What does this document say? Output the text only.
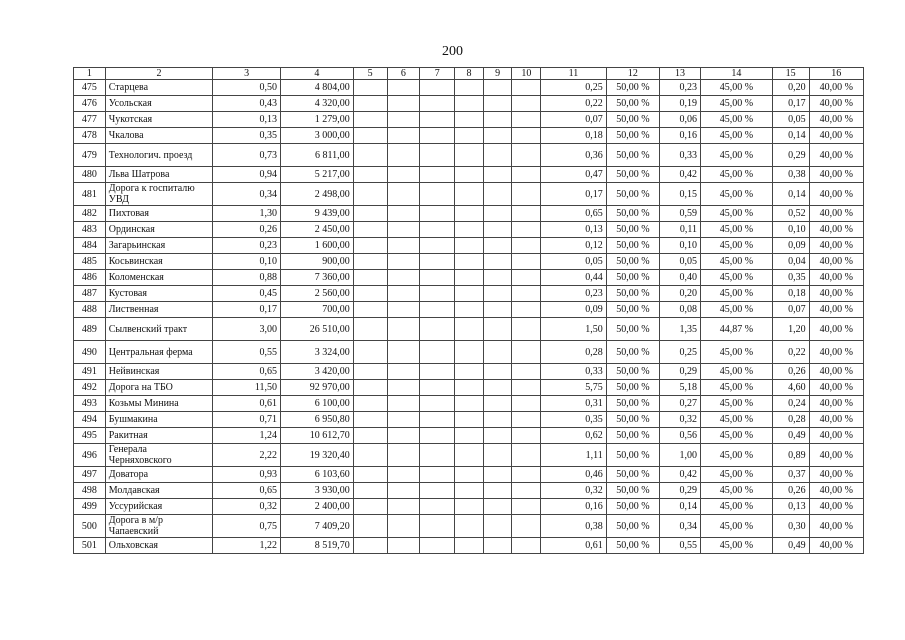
200
1	2	3	4	5	6	7	8	9	10	11	12	13	14	15	16
475	Старцева	0,50	4 804,00							0,25	50,00 %	0,23	45,00 %	0,20	40,00 %
476	Усольская	0,43	4 320,00							0,22	50,00 %	0,19	45,00 %	0,17	40,00 %
477	Чукотская	0,13	1 279,00							0,07	50,00 %	0,06	45,00 %	0,05	40,00 %
478	Чкалова	0,35	3 000,00							0,18	50,00 %	0,16	45,00 %	0,14	40,00 %
479	Технологич. проезд	0,73	6 811,00							0,36	50,00 %	0,33	45,00 %	0,29	40,00 %
480	Льва Шатрова	0,94	5 217,00							0,47	50,00 %	0,42	45,00 %	0,38	40,00 %
481	Дорога к госпиталю УВД	0,34	2 498,00							0,17	50,00 %	0,15	45,00 %	0,14	40,00 %
482	Пихтовая	1,30	9 439,00							0,65	50,00 %	0,59	45,00 %	0,52	40,00 %
483	Ординская	0,26	2 450,00							0,13	50,00 %	0,11	45,00 %	0,10	40,00 %
484	Загарьинская	0,23	1 600,00							0,12	50,00 %	0,10	45,00 %	0,09	40,00 %
485	Косьвинская	0,10	900,00							0,05	50,00 %	0,05	45,00 %	0,04	40,00 %
486	Коломенская	0,88	7 360,00							0,44	50,00 %	0,40	45,00 %	0,35	40,00 %
487	Кустовая	0,45	2 560,00							0,23	50,00 %	0,20	45,00 %	0,18	40,00 %
488	Лиственная	0,17	700,00							0,09	50,00 %	0,08	45,00 %	0,07	40,00 %
489	Сылвенский тракт	3,00	26 510,00							1,50	50,00 %	1,35	44,87 %	1,20	40,00 %
490	Центральная ферма	0,55	3 324,00							0,28	50,00 %	0,25	45,00 %	0,22	40,00 %
491	Нейвинская	0,65	3 420,00							0,33	50,00 %	0,29	45,00 %	0,26	40,00 %
492	Дорога на ТБО	11,50	92 970,00							5,75	50,00 %	5,18	45,00 %	4,60	40,00 %
493	Козьмы Минина	0,61	6 100,00							0,31	50,00 %	0,27	45,00 %	0,24	40,00 %
494	Бушмакина	0,71	6 950,80							0,35	50,00 %	0,32	45,00 %	0,28	40,00 %
495	Ракитная	1,24	10 612,70							0,62	50,00 %	0,56	45,00 %	0,49	40,00 %
496	Генерала Черняховского	2,22	19 320,40							1,11	50,00 %	1,00	45,00 %	0,89	40,00 %
497	Доватора	0,93	6 103,60							0,46	50,00 %	0,42	45,00 %	0,37	40,00 %
498	Молдавская	0,65	3 930,00							0,32	50,00 %	0,29	45,00 %	0,26	40,00 %
499	Уссурийская	0,32	2 400,00							0,16	50,00 %	0,14	45,00 %	0,13	40,00 %
500	Дорога в м/р Чапаевский	0,75	7 409,20							0,38	50,00 %	0,34	45,00 %	0,30	40,00 %
501	Ольховская	1,22	8 519,70							0,61	50,00 %	0,55	45,00 %	0,49	40,00 %
